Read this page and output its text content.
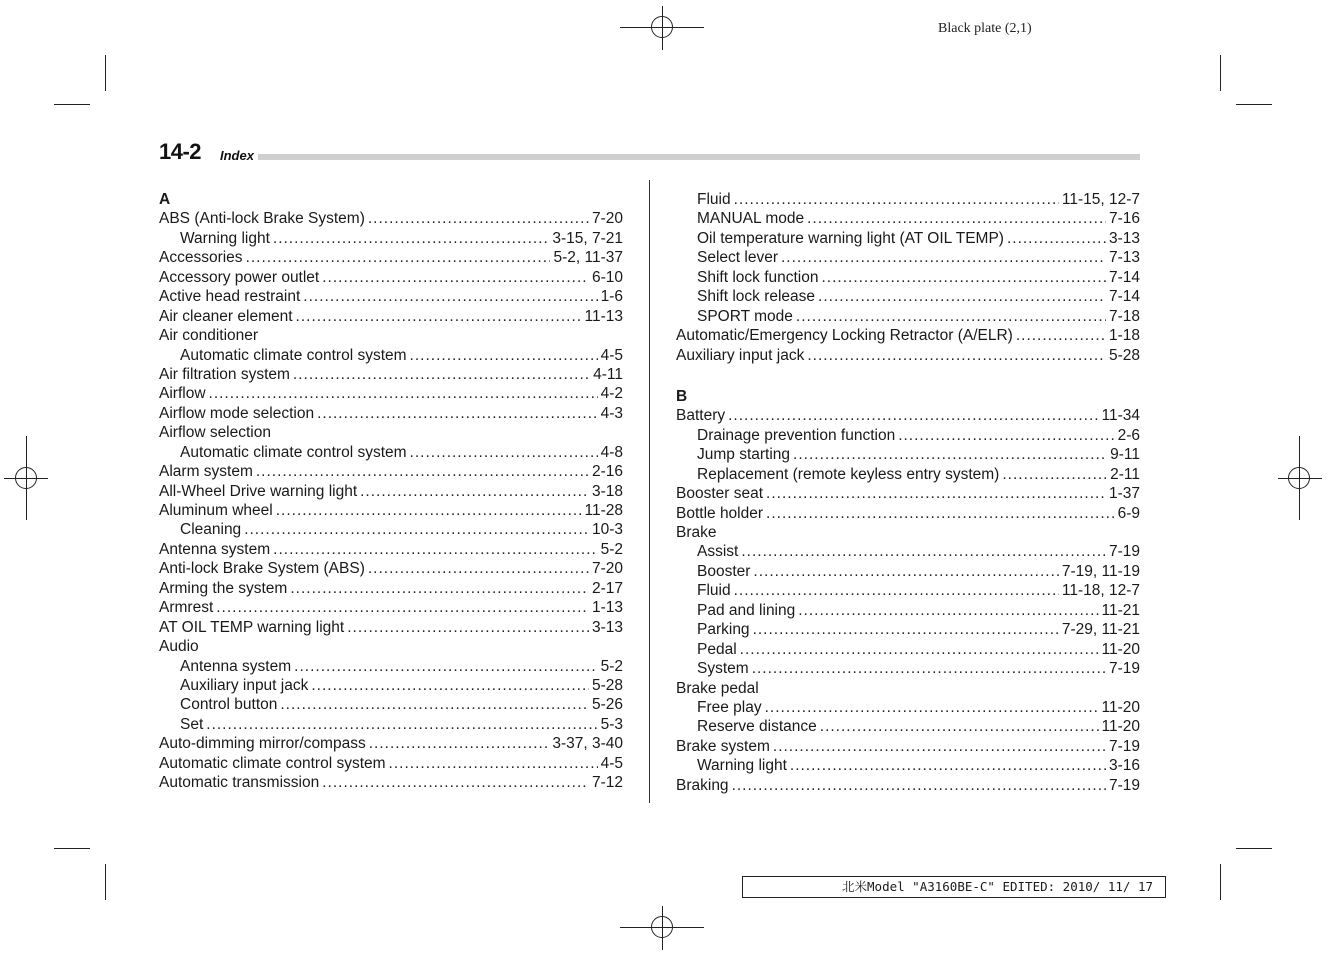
Black plate (2,1)
14-2 Index
A
ABS (Anti-lock Brake System) .....	7-20
Warning light .....	3-15, 7-21
Accessories .....	5-2, 11-37
Accessory power outlet .....	6-10
Active head restraint .....	1-6
Air cleaner element .....	11-13
Air conditioner
Automatic climate control system .....	4-5
Air filtration system .....	4-11
Airflow .....	4-2
Airflow mode selection .....	4-3
Airflow selection
Automatic climate control system .....	4-8
Alarm system .....	2-16
All-Wheel Drive warning light .....	3-18
Aluminum wheel .....	11-28
Cleaning .....	10-3
Antenna system .....	5-2
Anti-lock Brake System (ABS) .....	7-20
Arming the system .....	2-17
Armrest .....	1-13
AT OIL TEMP warning light .....	3-13
Audio
Antenna system .....	5-2
Auxiliary input jack .....	5-28
Control button .....	5-26
Set .....	5-3
Auto-dimming mirror/compass .....	3-37, 3-40
Automatic climate control system .....	4-5
Automatic transmission .....	7-12
Fluid .....	11-15, 12-7
MANUAL mode .....	7-16
Oil temperature warning light (AT OIL TEMP) .....	3-13
Select lever .....	7-13
Shift lock function .....	7-14
Shift lock release .....	7-14
SPORT mode .....	7-18
Automatic/Emergency Locking Retractor (A/ELR) .....	1-18
Auxiliary input jack .....	5-28
B
Battery .....	11-34
Drainage prevention function .....	2-6
Jump starting .....	9-11
Replacement (remote keyless entry system) .....	2-11
Booster seat .....	1-37
Bottle holder .....	6-9
Brake
Assist .....	7-19
Booster .....	7-19, 11-19
Fluid .....	11-18, 12-7
Pad and lining .....	11-21
Parking .....	7-29, 11-21
Pedal .....	11-20
System .....	7-19
Brake pedal
Free play .....	11-20
Reserve distance .....	11-20
Brake system .....	7-19
Warning light .....	3-16
Braking .....	7-19
北米Model "A3160BE-C" EDITED: 2010/ 11/ 17
